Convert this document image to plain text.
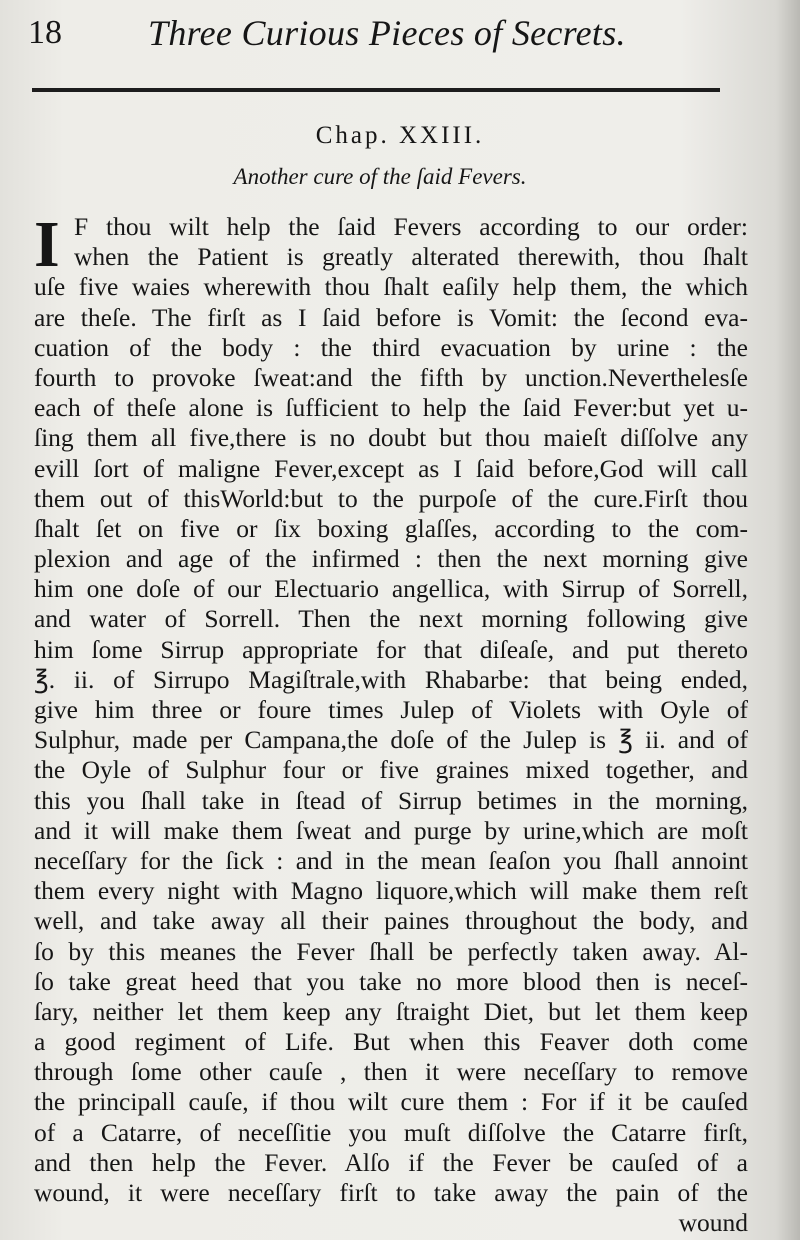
18 Three Curious Pieces of Secrets.
Chap. XXIII.
Another cure of the ſaid Fevers.
I F thou wilt help the ſaid Fevers according to our order:
when the Patient is greatly alterated therewith, thou ſhalt
uſe five waies wherewith thou ſhalt eaſily help them, the which
are theſe. The firſt as I ſaid before is Vomit: the ſecond eva-
cuation of the body : the third evacuation by urine : the
fourth to provoke ſweat:and the fifth by unction.Neverthelesſe
each of theſe alone is ſufficient to help the ſaid Fever:but yet u-
ſing them all five,there is no doubt but thou maieſt diſſolve any
evill ſort of maligne Fever,except as I ſaid before,God will call
them out of thisWorld:but to the purpoſe of the cure.Firſt thou
ſhalt ſet on five or ſix boxing glaſſes, according to the com-
plexion and age of the infirmed : then the next morning give
him one doſe of our Electuario angellica, with Sirrup of Sorrell,
and water of Sorrell. Then the next morning following give
him ſome Sirrup appropriate for that diſeaſe, and put thereto
℥. ii. of Sirrupo Magiſtrale,with Rhabarbe: that being ended,
give him three or foure times Julep of Violets with Oyle of
Sulphur, made per Campana,the doſe of the Julep is ℥ ii. and of
the Oyle of Sulphur four or five graines mixed together, and
this you ſhall take in ſtead of Sirrup betimes in the morning,
and it will make them ſweat and purge by urine,which are moſt
neceſſary for the ſick : and in the mean ſeaſon you ſhall annoint
them every night with Magno liquore,which will make them reſt
well, and take away all their paines throughout the body, and
ſo by this meanes the Fever ſhall be perfectly taken away. Al-
ſo take great heed that you take no more blood then is neceſ-
ſary, neither let them keep any ſtraight Diet, but let them keep
a good regiment of Life. But when this Feaver doth come
through ſome other cauſe , then it were neceſſary to remove
the principall cauſe, if thou wilt cure them : For if it be cauſed
of a Catarre, of neceſſitie you muſt diſſolve the Catarre firſt,
and then help the Fever. Alſo if the Fever be cauſed of a
wound, it were neceſſary firſt to take away the pain of the
wound
